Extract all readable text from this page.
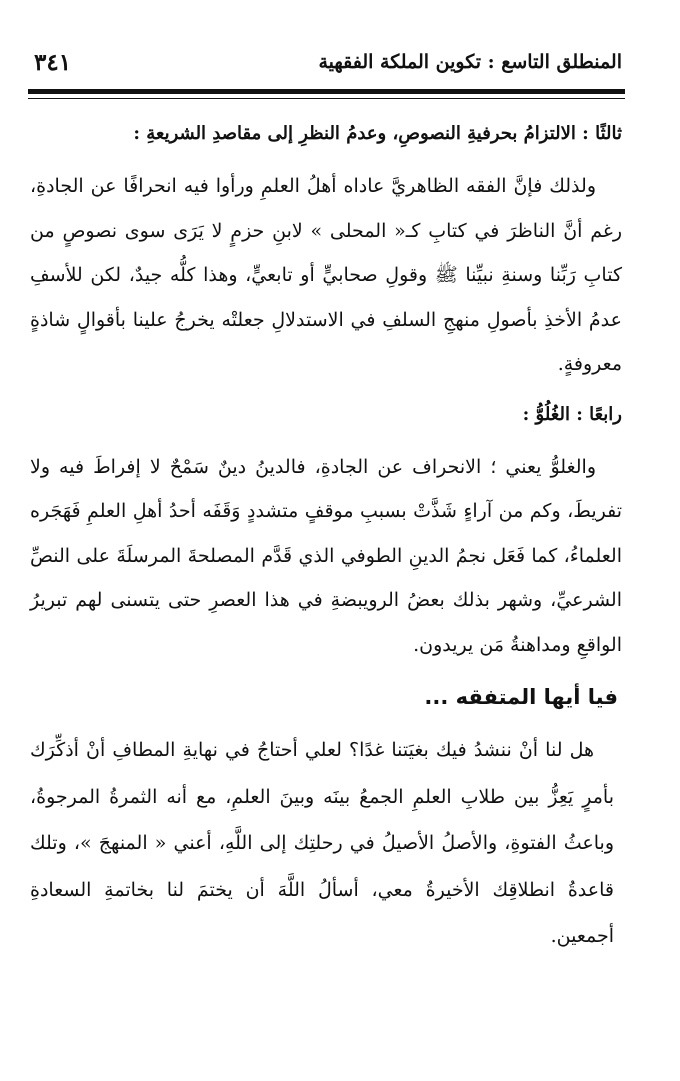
المنطلق التاسع : تكوين الملكة الفقهية
٣٤١
ثالثًا : الالتزامُ بحرفيةِ النصوصِ، وعدمُ النظرِ إلى مقاصدِ الشريعةِ :

ولذلك فإنَّ الفقه الظاهريَّ عاداه أهلُ العلمِ ورأوا فيه انحرافًا عن الجادةِ، رغم أنَّ الناظرَ في كتابِ كـ« المحلى » لابنِ حزمٍ لا يَرَى سوى نصوصٍ من كتابِ رَبِّنا وسنةِ نبيِّنا ﷺ وقولِ صحابيٍّ أو تابعيٍّ، وهذا كلُّه جيدٌ، لكن للأسفِ عدمُ الأخذِ بأصولِ منهجِ السلفِ في الاستدلالِ جعلتْه يخرجُ علينا بأقوالٍ شاذةٍ معروفةٍ.

رابعًا : الغُلُوُّ :

والغلوُّ يعني ؛ الانحراف عن الجادةِ، فالدينُ دينٌ سَمْحٌ لا إفراطَ فيه ولا تفريطَ، وكم من آراءٍ شَذَّتْ بسببِ موقفٍ متشددٍ وَقَفَه أحدُ أهلِ العلمِ فَهَجَره العلماءُ، كما فَعَل نجمُ الدينِ الطوفي الذي قَدَّم المصلحةَ المرسلَةَ على النصِّ الشرعيِّ، وشهر بذلك بعضُ الرويبضةِ في هذا العصرِ حتى يتسنى لهم تبريرُ الواقعِ ومداهنةُ مَن يريدون.

فيا أيها المتفقه ...

هل لنا أنْ ننشدُ فيك بغيَتنا غدًا؟ لعلي أحتاجُ في نهايةِ المطافِ أنْ أذكِّرَك بأمرٍ يَعِزُّ بين طلابِ العلمِ الجمعُ بينَه وبينَ العلمِ، مع أنه الثمرةُ المرجوةُ، وباعثُ الفتوةِ، والأصلُ الأصيلُ في رحلتِك إلى اللَّهِ، أعني « المنهجَ »، وتلك قاعدةُ انطلاقِك الأخيرةُ معي، أسألُ اللَّهَ أن يختمَ لنا بخاتمةِ السعادةِ أجمعين.
